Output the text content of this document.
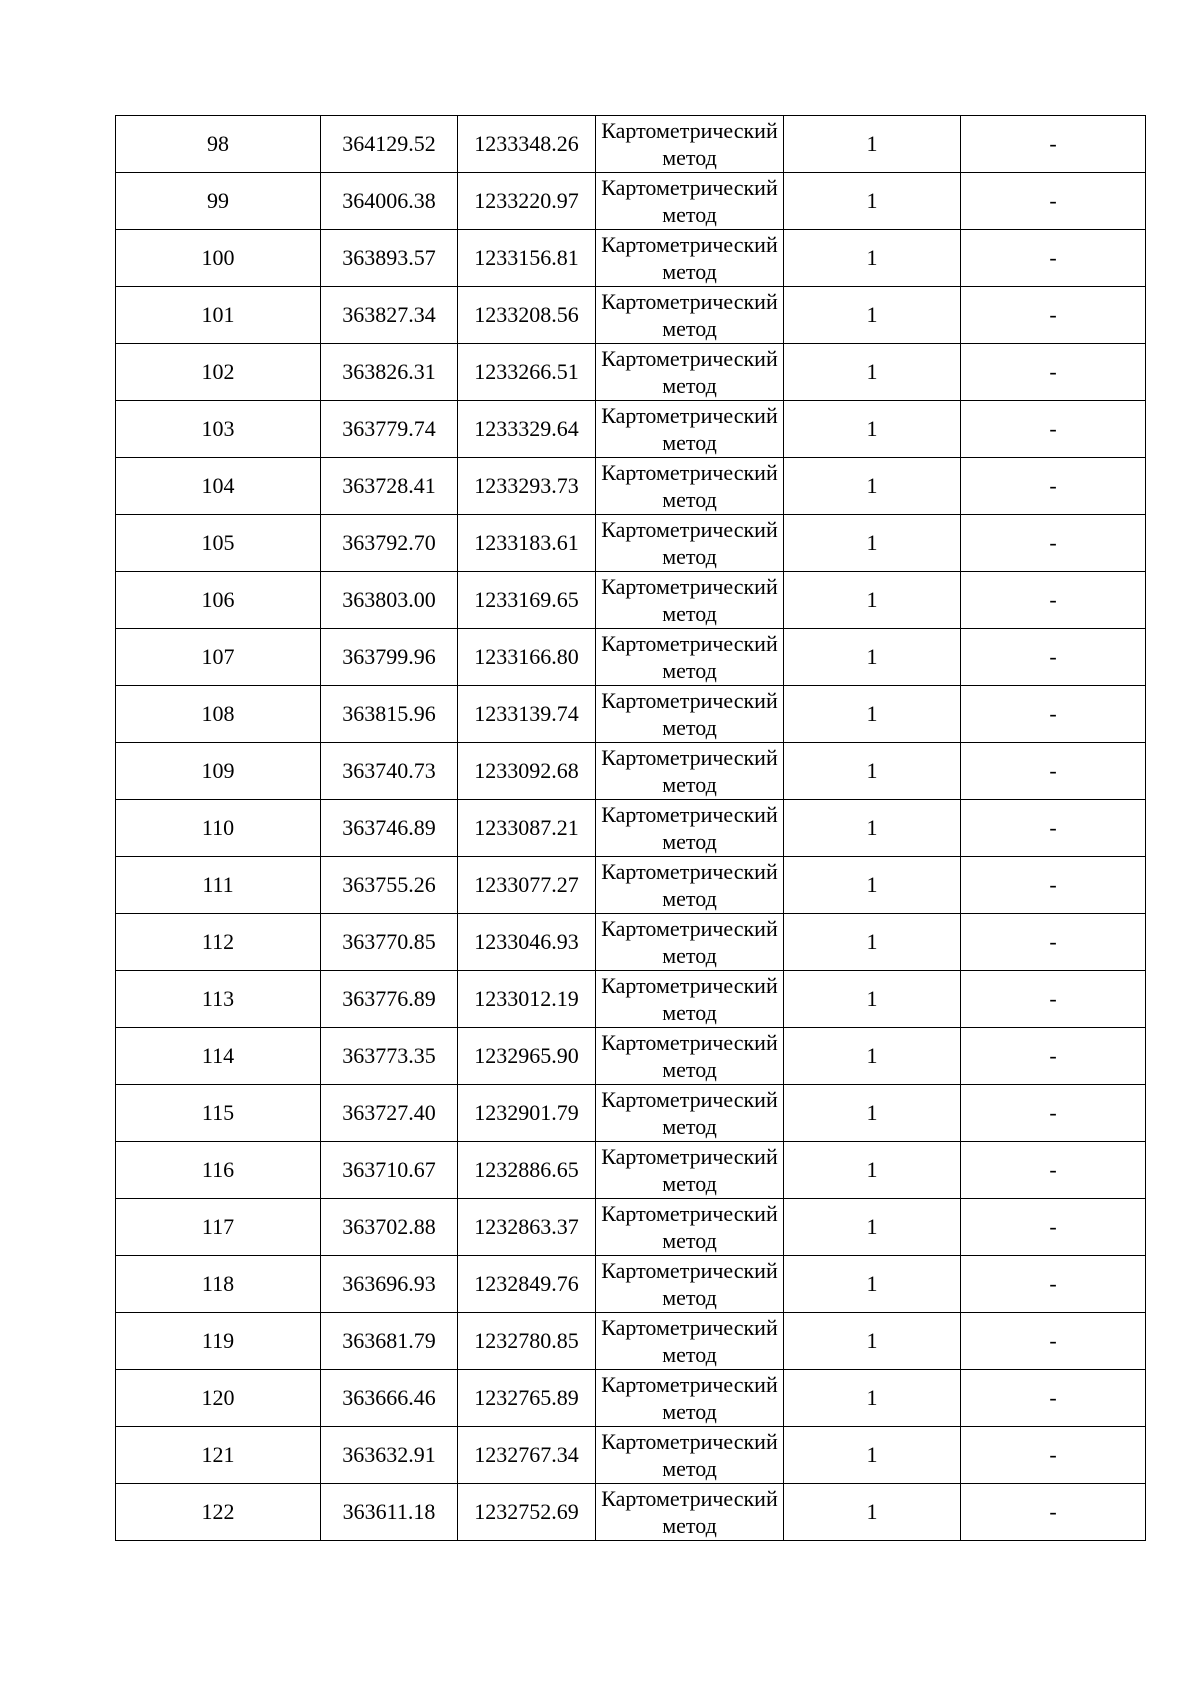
98	364129.52	1233348.26	Картометрический метод	1	-
99	364006.38	1233220.97	Картометрический метод	1	-
100	363893.57	1233156.81	Картометрический метод	1	-
101	363827.34	1233208.56	Картометрический метод	1	-
102	363826.31	1233266.51	Картометрический метод	1	-
103	363779.74	1233329.64	Картометрический метод	1	-
104	363728.41	1233293.73	Картометрический метод	1	-
105	363792.70	1233183.61	Картометрический метод	1	-
106	363803.00	1233169.65	Картометрический метод	1	-
107	363799.96	1233166.80	Картометрический метод	1	-
108	363815.96	1233139.74	Картометрический метод	1	-
109	363740.73	1233092.68	Картометрический метод	1	-
110	363746.89	1233087.21	Картометрический метод	1	-
111	363755.26	1233077.27	Картометрический метод	1	-
112	363770.85	1233046.93	Картометрический метод	1	-
113	363776.89	1233012.19	Картометрический метод	1	-
114	363773.35	1232965.90	Картометрический метод	1	-
115	363727.40	1232901.79	Картометрический метод	1	-
116	363710.67	1232886.65	Картометрический метод	1	-
117	363702.88	1232863.37	Картометрический метод	1	-
118	363696.93	1232849.76	Картометрический метод	1	-
119	363681.79	1232780.85	Картометрический метод	1	-
120	363666.46	1232765.89	Картометрический метод	1	-
121	363632.91	1232767.34	Картометрический метод	1	-
122	363611.18	1232752.69	Картометрический метод	1	-
